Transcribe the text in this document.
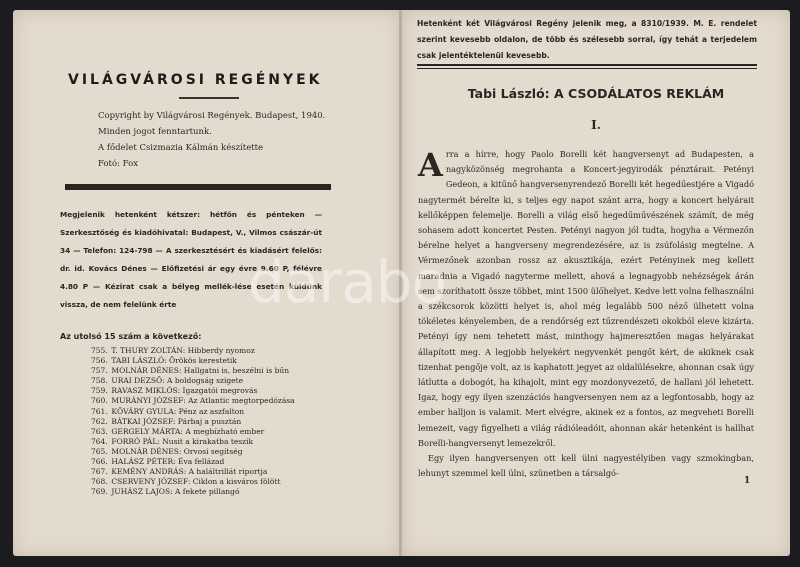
VILÁGVÁROSI REGÉNYEK
Copyright by Világvárosi Regények. Budapest, 1940.
Minden jogot fenntartunk.
A fődelet Csizmazia Kálmán készítette
Fotó: Fox
Megjelenik hetenként kétszer: hétfőn és pénteken — Szerkesztőség és kiadóhivatal: Budapest, V., Vilmos császár-út 34 — Telefon: 124-798 — A szerkesztésért és kiadásért felelős: dr. id. Kovács Dénes — Előfizetési ár egy évre 9.60 P, félévre 4.80 P — Kézirat csak a bélyeg mellék-lése esetén küldünk vissza, de nem felelünk érte
Az utolsó 15 szám a következő:
755. T. THURY ZOLTÁN: Hibberdy nyomoz
756. TABI LÁSZLÓ: Örökös kerestetik
757. MOLNÁR DÉNES: Hallgatni is, beszélni is bűn
758. URAI DEZSŐ: A boldogság szigete
759. RAVASZ MIKLÓS: Igazgatói megrovás
760. MURÁNYI JÓZSEF: Az Atlantic megtorpedózása
761. KŐVÁRY GYULA: Pénz az aszfalton
762. BÁTKAI JÓZSEF: Párbaj a pusztán
763. GERGELY MÁRTA: A megbízható ember
764. FORRÓ PÁL: Nusit a kirakatba teszik
765. MOLNÁR DÉNES: Orvosi segítség
766. HALÁSZ PÉTER: Éva fellázad
767. KEMÉNY ANDRÁS: A haláltrillát riportja
768. CSERVENY JÓZSEF: Ciklon a kisváros fölött
769. JUHÁSZ LAJOS: A fekete pillangó
Hetenként két Világvárosi Regény jelenik meg, a 8310/1939. M. E. rendelet szerint kevesebb oldalon, de több és szélesebb sorral, így tehát a terjedelem csak jelentéktelenül kevesebb.
Tabi László: A CSODÁLATOS REKLÁM
I.
Arra a hírre, hogy Paolo Borelli két hangversenyt ad Budapesten, a nagyközönség megrohanta a Koncert-jegyirodák pénztárait. Petényi Gedeon, a kitűnő hangversenyrendező Borelli két hegedűestjére a Vigadó nagytermét bérelte ki, s teljes egy napot szánt arra, hogy a koncert helyárait kellőképpen felemelje. Borelli a világ első hegedűművészének számít, de még sohasem adott koncertet Pesten. Petényi nagyon jól tudta, hogyha a Vérmezőn bérelne helyet a hangverseny megrendezésére, az is zsúfolásig megtelne. A Vérmezőnek azonban rossz az akusztikája, ezért Petényinek meg kellett maradnia a Vigadó nagyterme mellett, ahová a legnagyobb nehézségek árán sem szoríthatott össze többet, mint 1500 ülőhelyet. Kedve lett volna felhasználni a székcsorok közötti helyet is, ahol még legalább 500 néző ülhetett volna tökéletes kényelemben, de a rendőrség ezt tűzrendészeti okokból eleve kizárta. Petényi így nem tehetett mást, minthogy hajmeresztően magas helyárakat állapított meg. A legjobb helyekért negyvenkét pengőt kért, de akiknek csak tizenhat pengője volt, az is kaphatott jegyet az oldalülésekre, ahonnan csak úgy látlutta a dobogót, ha kihajolt, mint egy mozdonyvezető, de hallani jól lehetett. Igaz, hogy egy ilyen szenzációs hangversenyen nem az a legfontosabb, hogy az ember halljon is valamit. Mert elvégre, akinek ez a fontos, az megveheti Borelli lemezeit, vagy figyelheti a világ rádióleadóit, ahonnan akár hetenként is hallhat Borelli-hangversenyt lemezekről.
Egy ilyen hangversenyen ott kell ülni nagyestélyiben vagy szmokingban, lehunyt szemmel kell ülni, szünetben a társalgó-
1
darabo
